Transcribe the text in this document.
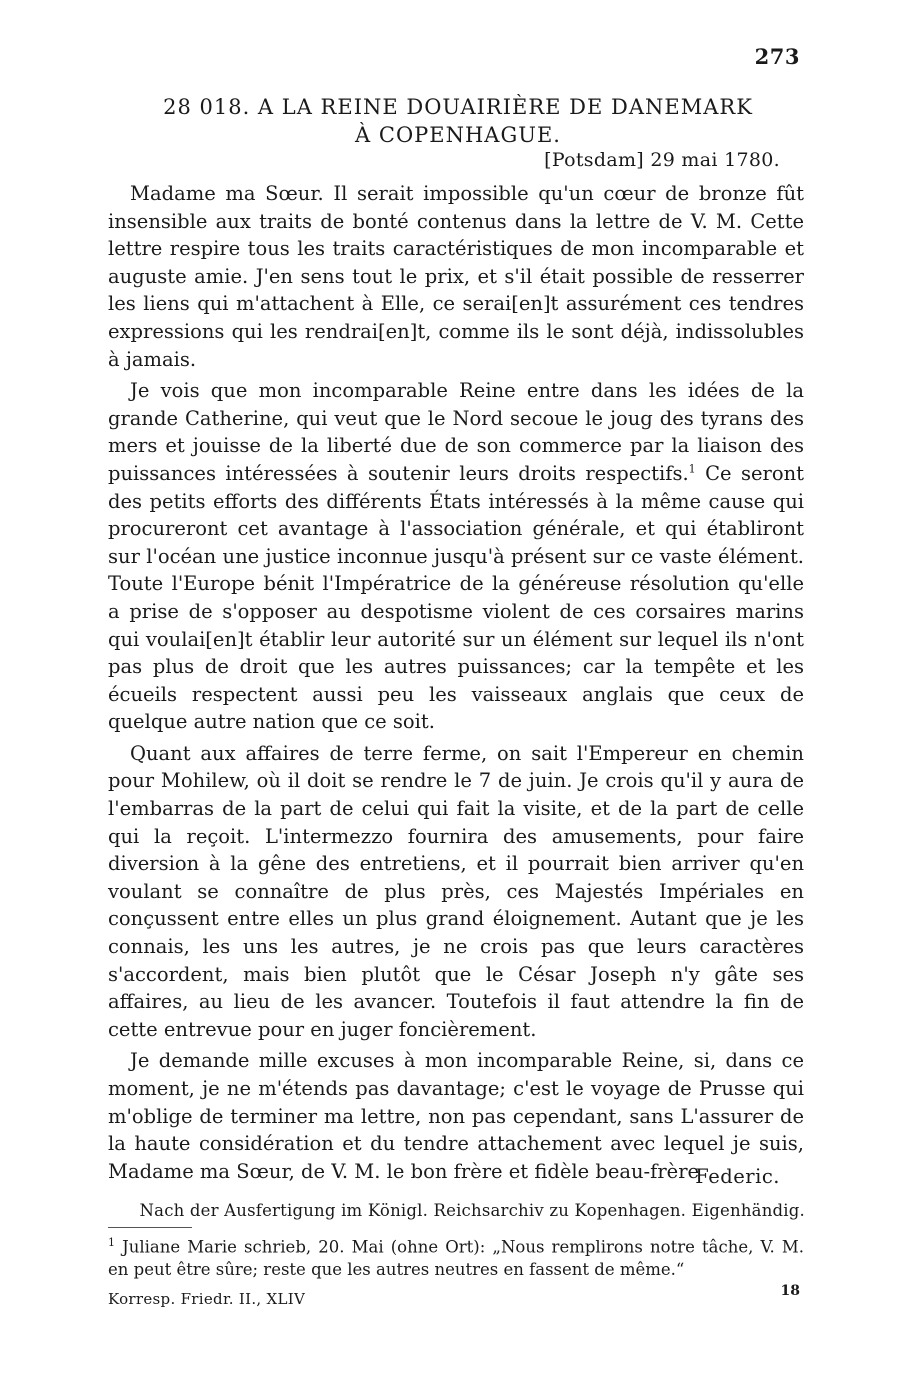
273
28 018. A LA REINE DOUAIRIÈRE DE DANEMARK
À COPENHAGUE.
[Potsdam] 29 mai 1780.

Madame ma Sœur. Il serait impossible qu'un cœur de bronze fût insensible aux traits de bonté contenus dans la lettre de V. M. Cette lettre respire tous les traits caractéristiques de mon incomparable et auguste amie. J'en sens tout le prix, et s'il était possible de resserrer les liens qui m'attachent à Elle, ce serai[en]t assurément ces tendres expressions qui les rendrai[en]t, comme ils le sont déjà, indissolubles à jamais.

Je vois que mon incomparable Reine entre dans les idées de la grande Catherine, qui veut que le Nord secoue le joug des tyrans des mers et jouisse de la liberté due de son commerce par la liaison des puissances intéressées à soutenir leurs droits respectifs.$^1$ Ce seront des petits efforts des différents États intéressés à la même cause qui procureront cet avantage à l'association générale, et qui établiront sur l'océan une justice inconnue jusqu'à présent sur ce vaste élément. Toute l'Europe bénit l'Impératrice de la généreuse résolution qu'elle a prise de s'opposer au despotisme violent de ces corsaires marins qui voulai[en]t établir leur autorité sur un élément sur lequel ils n'ont pas plus de droit que les autres puissances; car la tempête et les écueils respectent aussi peu les vaisseaux anglais que ceux de quelque autre nation que ce soit.

Quant aux affaires de terre ferme, on sait l'Empereur en chemin pour Mohilew, où il doit se rendre le 7 de juin. Je crois qu'il y aura de l'embarras de la part de celui qui fait la visite, et de la part de celle qui la reçoit. L'intermezzo fournira des amusements, pour faire diversion à la gêne des entretiens, et il pourrait bien arriver qu'en voulant se connaître de plus près, ces Majestés Impériales en conçussent entre elles un plus grand éloignement. Autant que je les connais, les uns les autres, je ne crois pas que leurs caractères s'accordent, mais bien plutôt que le César Joseph n'y gâte ses affaires, au lieu de les avancer. Toutefois il faut attendre la fin de cette entrevue pour en juger foncièrement.

Je demande mille excuses à mon incomparable Reine, si, dans ce moment, je ne m'étends pas davantage; c'est le voyage de Prusse qui m'oblige de terminer ma lettre, non pas cependant, sans L'assurer de la haute considération et du tendre attachement avec lequel je suis, Madame ma Sœur, de V. M. le bon frère et fidèle beau-frère

Federic.
Nach der Ausfertigung im Königl. Reichsarchiv zu Kopenhagen. Eigenhändig.
$^1$ Juliane Marie schrieb, 20. Mai (ohne Ort): „Nous remplirons notre tâche, V. M. en peut être sûre; reste que les autres neutres en fassent de même.“
Korresp. Friedr. II., XLIV	18
